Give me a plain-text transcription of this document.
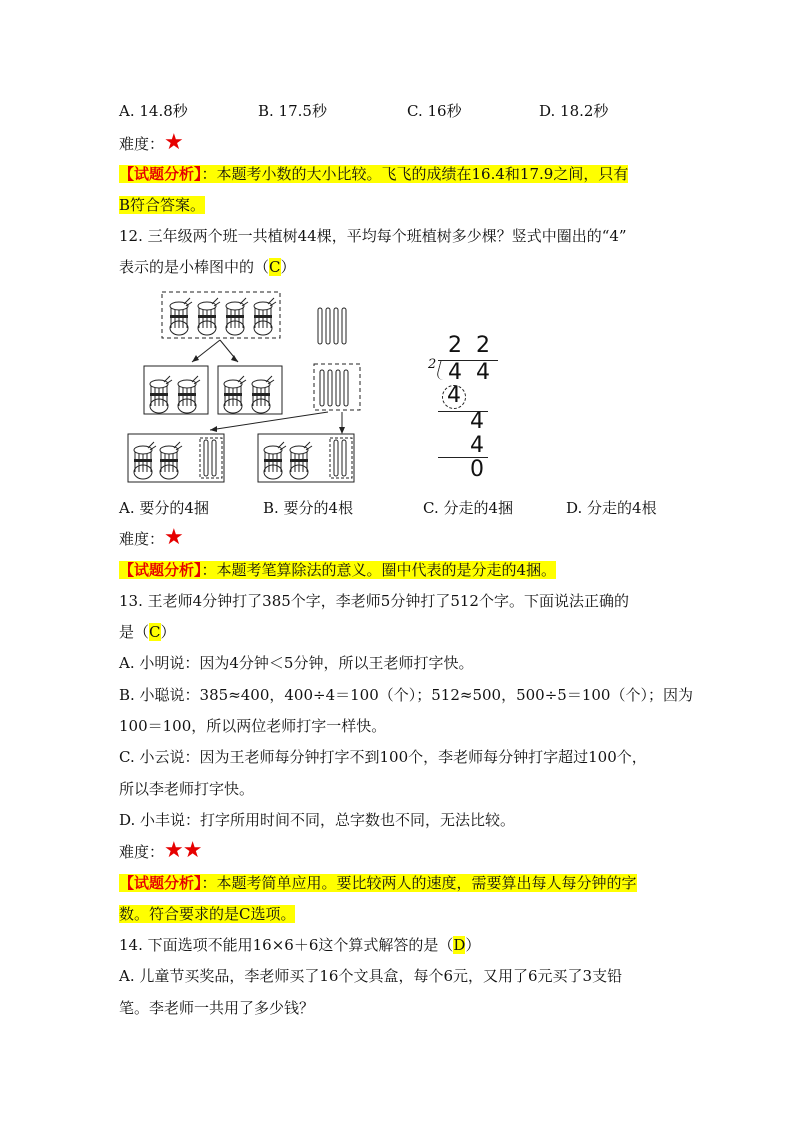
A. 14.8秒	B. 17.5秒	C. 16秒	D. 18.2秒
难度：★
【试题分析】：本题考小数的大小比较。飞飞的成绩在16.4和17.9之间，只有
B符合答案。
12. 三年级两个班一共植树44棵，平均每个班植树多少棵？竖式中圈出的“4”
表示的是小棒图中的（C）
2 2
2 4 4
4
4
4
0
A. 要分的4捆	B. 要分的4根	C. 分走的4捆	D. 分走的4根
难度：★
【试题分析】：本题考笔算除法的意义。圈中代表的是分走的4捆。
13. 王老师4分钟打了385个字，李老师5分钟打了512个字。下面说法正确的
是（C）
A. 小明说：因为4分钟＜5分钟，所以王老师打字快。
B. 小聪说：385≈400，400÷4＝100（个）；512≈500，500÷5＝100（个）；因为
100＝100，所以两位老师打字一样快。
C. 小云说：因为王老师每分钟打字不到100个，李老师每分钟打字超过100个，
所以李老师打字快。
D. 小丰说：打字所用时间不同，总字数也不同，无法比较。
难度：★★
【试题分析】：本题考简单应用。要比较两人的速度，需要算出每人每分钟的字
数。符合要求的是C选项。
14. 下面选项不能用16×6＋6这个算式解答的是（D）
A. 儿童节买奖品，李老师买了16个文具盒，每个6元，又用了6元买了3支铅
笔。李老师一共用了多少钱？
